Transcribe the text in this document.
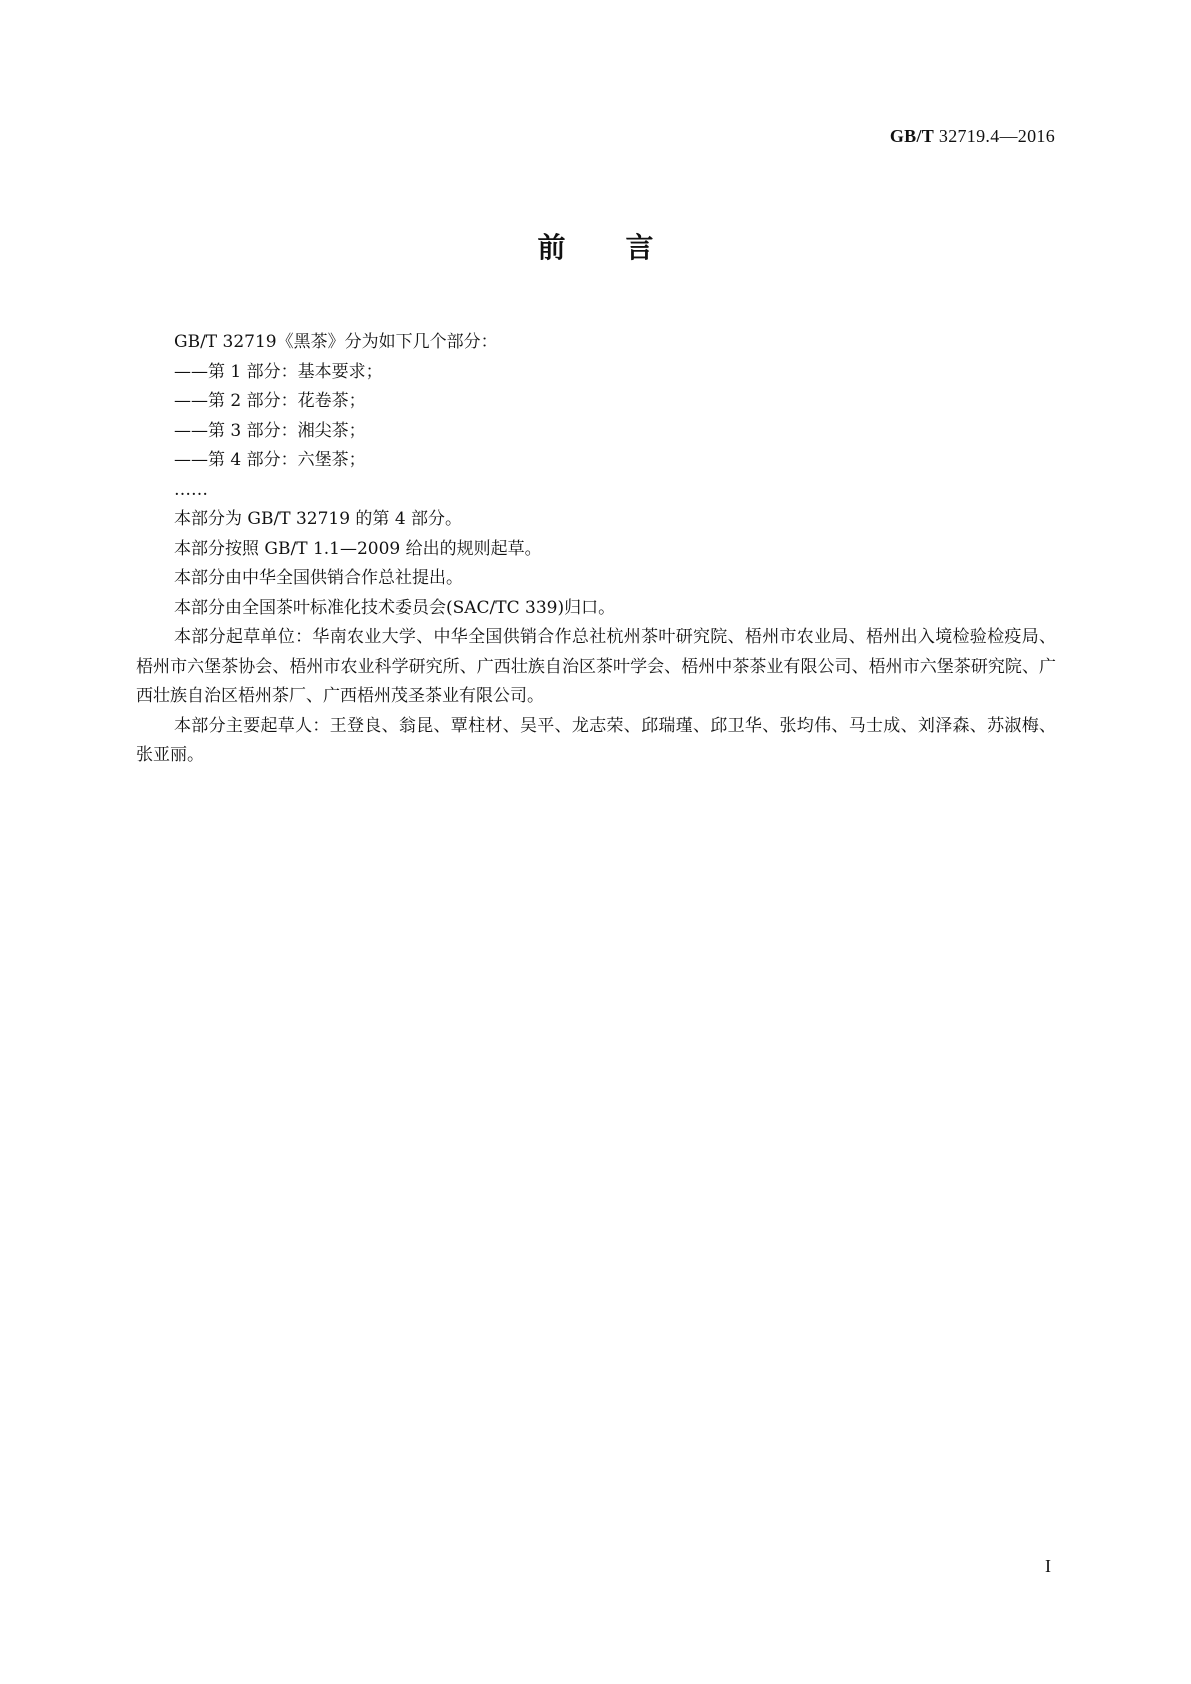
GB/T 32719.4—2016
前言

GB/T 32719《黑茶》分为如下几个部分：

——第 1 部分：基本要求；
——第 2 部分：花卷茶；
——第 3 部分：湘尖茶；
——第 4 部分：六堡茶；
……

本部分为 GB/T 32719 的第 4 部分。

本部分按照 GB/T 1.1—2009 给出的规则起草。

本部分由中华全国供销合作总社提出。

本部分由全国茶叶标准化技术委员会(SAC/TC 339)归口。

本部分起草单位：华南农业大学、中华全国供销合作总社杭州茶叶研究院、梧州市农业局、梧州出入境检验检疫局、梧州市六堡茶协会、梧州市农业科学研究所、广西壮族自治区茶叶学会、梧州中茶茶业有限公司、梧州市六堡茶研究院、广西壮族自治区梧州茶厂、广西梧州茂圣茶业有限公司。

本部分主要起草人：王登良、翁昆、覃柱材、吴平、龙志荣、邱瑞瑾、邱卫华、张均伟、马士成、刘泽森、苏淑梅、张亚丽。

I
